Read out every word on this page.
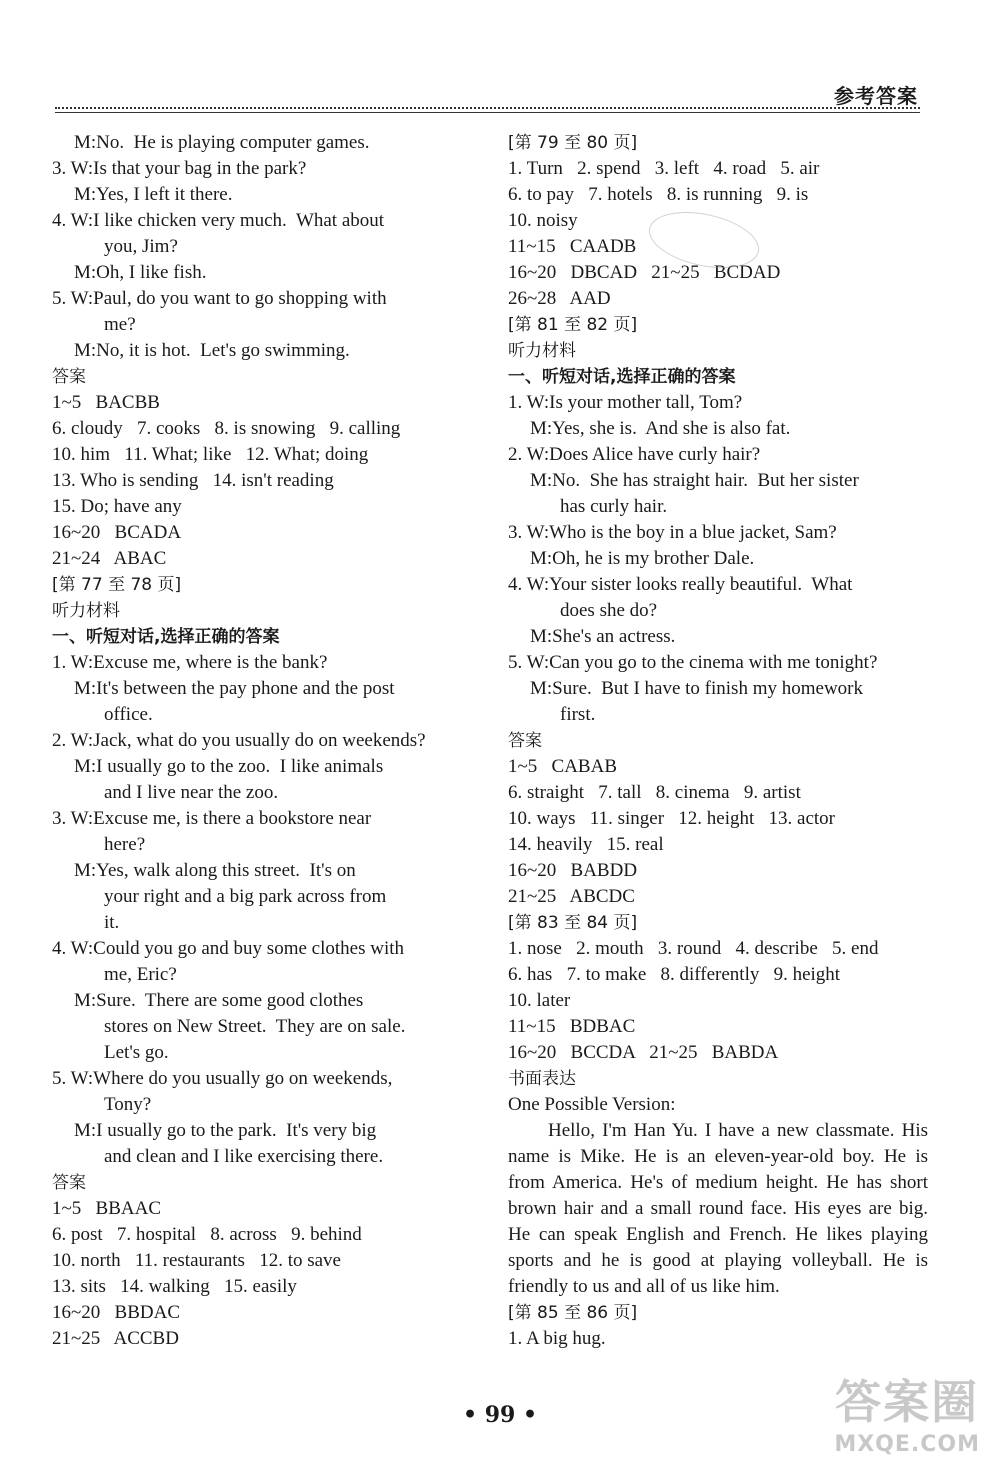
参考答案
M:No.  He is playing computer games.
3. W:Is that your bag in the park?
M:Yes, I left it there.
4. W:I like chicken very much.  What about
you, Jim?
M:Oh, I like fish.
5. W:Paul, do you want to go shopping with
me?
M:No, it is hot.  Let's go swimming.
答案
1~5   BACBB
6. cloudy   7. cooks   8. is snowing   9. calling
10. him   11. What; like   12. What; doing
13. Who is sending   14. isn't reading
15. Do; have any
16~20   BCADA
21~24   ABAC
[第 77 至 78 页]
听力材料
一、听短对话,选择正确的答案
1. W:Excuse me, where is the bank?
M:It's between the pay phone and the post
office.
2. W:Jack, what do you usually do on weekends?
M:I usually go to the zoo.  I like animals
and I live near the zoo.
3. W:Excuse me, is there a bookstore near
here?
M:Yes, walk along this street.  It's on
your right and a big park across from
it.
4. W:Could you go and buy some clothes with
me, Eric?
M:Sure.  There are some good clothes
stores on New Street.  They are on sale.
Let's go.
5. W:Where do you usually go on weekends,
Tony?
M:I usually go to the park.  It's very big
and clean and I like exercising there.
答案
1~5   BBAAC
6. post   7. hospital   8. across   9. behind
10. north   11. restaurants   12. to save
13. sits   14. walking   15. easily
16~20   BBDAC
21~25   ACCBD
[第 79 至 80 页]
1. Turn   2. spend   3. left   4. road   5. air
6. to pay   7. hotels   8. is running   9. is
10. noisy
11~15   CAADB
16~20   DBCAD   21~25   BCDAD
26~28   AAD
[第 81 至 82 页]
听力材料
一、听短对话,选择正确的答案
1. W:Is your mother tall, Tom?
M:Yes, she is.  And she is also fat.
2. W:Does Alice have curly hair?
M:No.  She has straight hair.  But her sister
has curly hair.
3. W:Who is the boy in a blue jacket, Sam?
M:Oh, he is my brother Dale.
4. W:Your sister looks really beautiful.  What
does she do?
M:She's an actress.
5. W:Can you go to the cinema with me tonight?
M:Sure.  But I have to finish my homework
first.
答案
1~5   CABAB
6. straight   7. tall   8. cinema   9. artist
10. ways   11. singer   12. height   13. actor
14. heavily   15. real
16~20   BABDD
21~25   ABCDC
[第 83 至 84 页]
1. nose   2. mouth   3. round   4. describe   5. end
6. has   7. to make   8. differently   9. height
10. later
11~15   BDBAC
16~20   BCCDA   21~25   BABDA
书面表达
One Possible Version:
Hello, I'm Han Yu. I have a new classmate. His name is Mike. He is an eleven-year-old boy. He is from America. He's of medium height. He has short brown hair and a small round face. His eyes are big. He can speak English and French. He likes playing sports and he is good at playing volleyball. He is friendly to us and all of us like him.
[第 85 至 86 页]
1. A big hug.
• 99 •	答案圈
MXQE.COM
